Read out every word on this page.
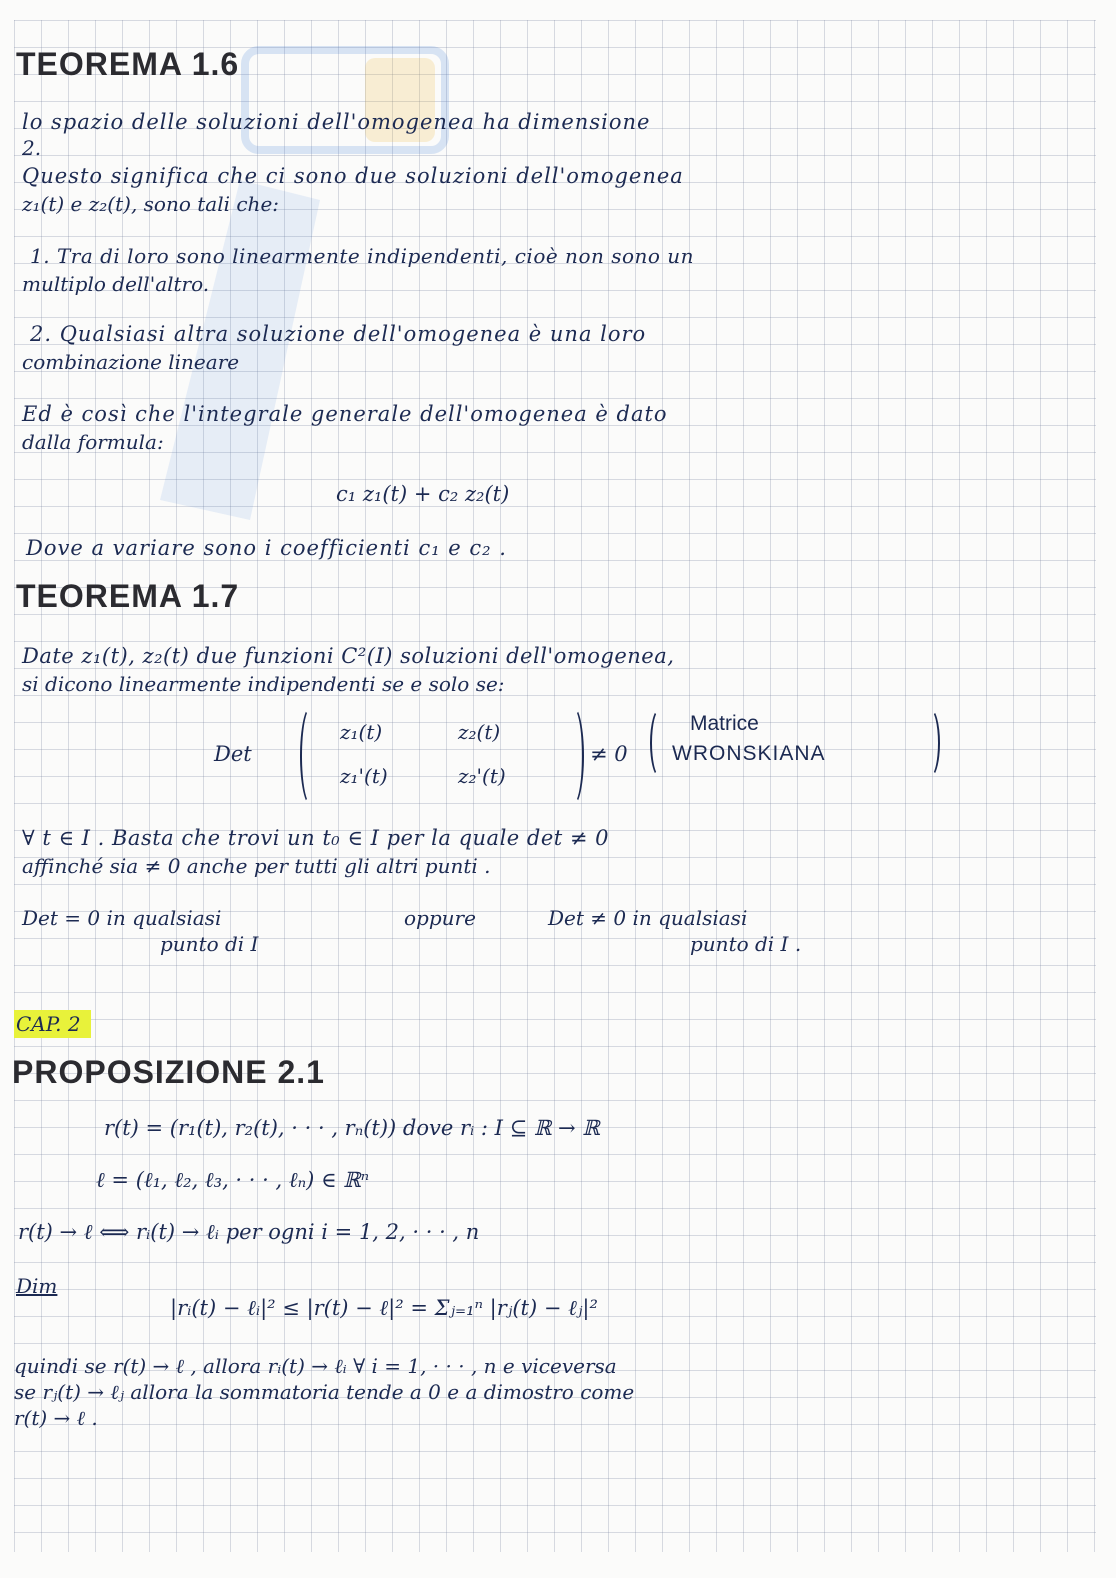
TEOREMA 1.6

lo spazio delle soluzioni dell'omogenea ha dimensione

2.

Questo significa che ci sono due soluzioni dell'omogenea

z₁(t) e z₂(t), sono tali che:

1. Tra di loro sono linearmente indipendenti, cioè non sono un

multiplo dell'altro.

2. Qualsiasi altra soluzione dell'omogenea è una loro

combinazione lineare

Ed è così che l'integrale generale dell'omogenea è dato

dalla formula:

c₁ z₁(t) + c₂ z₂(t)

Dove a variare sono i coefficienti c₁ e c₂ .

TEOREMA 1.7

Date z₁(t), z₂(t) due funzioni C²(I) soluzioni dell'omogenea,

si dicono linearmente indipendenti se e solo se:

Det

z₁(t)	z₂(t)
z₁'(t)	z₂'(t)

≠ 0

Matrice
WRONSKIANA

∀ t ∈ I . Basta che trovi un t₀ ∈ I per la quale det ≠ 0

affinché sia ≠ 0 anche per tutti gli altri punti .

Det = 0 in qualsiasi

punto di I

oppure	Det ≠ 0 in qualsiasi

punto di I .

CAP. 2
PROPOSIZIONE 2.1

r(t) = (r₁(t), r₂(t), · · · , rₙ(t)) dove rᵢ : I ⊆ ℝ → ℝ

ℓ = (ℓ₁, ℓ₂, ℓ₃, · · · , ℓₙ) ∈ ℝⁿ

r(t) → ℓ ⟺ rᵢ(t) → ℓᵢ per ogni i = 1, 2, · · · , n

Dim

|rᵢ(t) − ℓᵢ|² ≤ |r(t) − ℓ|² = Σⱼ₌₁ⁿ |rⱼ(t) − ℓⱼ|²

quindi se r(t) → ℓ , allora rᵢ(t) → ℓᵢ ∀ i = 1, · · · , n e viceversa

se rⱼ(t) → ℓⱼ allora la sommatoria tende a 0 e a dimostro come

r(t) → ℓ .
